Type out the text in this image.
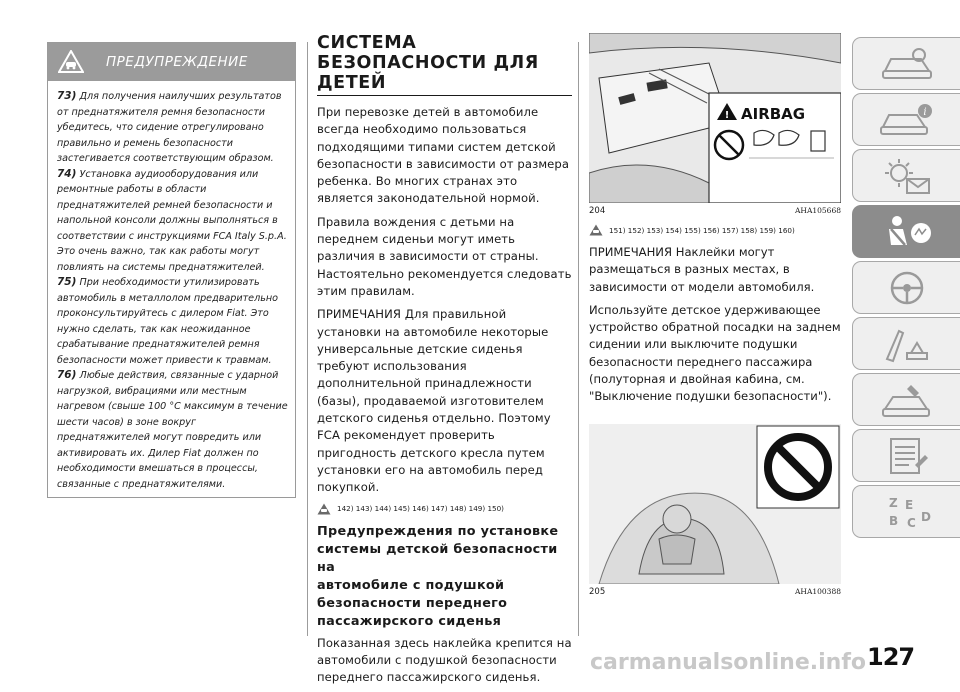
ПРЕДУПРЕЖДЕНИЕ

73) Для получения наилучших результатов от преднатяжителя ремня безопасности убедитесь, что сидение отрегулировано правильно и ремень безопасности застегивается соответствующим образом.

74) Установка аудиооборудования или ремонтные работы в области преднатяжителей ремней безопасности и напольной консоли должны выполняться в соответствии с инструкциями FCA Italy S.p.A. Это очень важно, так как работы могут повлиять на системы преднатяжителей.

75) При необходимости утилизировать автомобиль в металлолом предварительно проконсультируйтесь с дилером Fiat. Это нужно сделать, так как неожиданное срабатывание преднатяжителей ремня безопасности может привести к травмам.

76) Любые действия, связанные с ударной нагрузкой, вибрациями или местным нагревом (свыше 100 °C максимум в течение шести часов) в зоне вокруг преднатяжителей могут повредить или активировать их. Дилер Fiat должен по необходимости вмешаться в процессы, связанные с преднатяжителями.

СИСТЕМА
БЕЗОПАСНОСТИ ДЛЯ
ДЕТЕЙ

При перевозке детей в автомобиле всегда необходимо пользоваться подходящими типами систем детской безопасности в зависимости от размера ребенка. Во многих странах это является законодательной нормой.

Правила вождения с детьми на переднем сиденьи могут иметь различия в зависимости от страны. Настоятельно рекомендуется следовать этим правилам.

ПРИМЕЧАНИЯ Для правильной установки на автомобиле некоторые универсальные детские сиденья требуют использования дополнительной принадлежности (базы), продаваемой изготовителем детского сиденья отдельно. Поэтому FCA рекомендует проверить пригодность детского кресла путем установки его на автомобиль перед покупкой.

142) 143) 144) 145) 146) 147) 148) 149) 150)
Предупреждения по установке
системы детской безопасности на
автомобиле с подушкой
безопасности переднего
пассажирского сиденья

Показанная здесь наклейка крепится на автомобили с подушкой безопасности переднего пассажирского сиденья.

! AIRBAG
204	AHA105668
151) 152) 153) 154) 155) 156) 157) 158) 159) 160)

ПРИМЕЧАНИЯ Наклейки могут размещаться в разных местах, в зависимости от модели автомобиля.

Используйте детское удерживающее устройство обратной посадки на заднем сидении или выключите подушки безопасности переднего пассажира (полуторная и двойная кабина, см. "Выключение подушки безопасности").

205	AHA100388
i
Z E
B C D
127
carmanualsonline.info
